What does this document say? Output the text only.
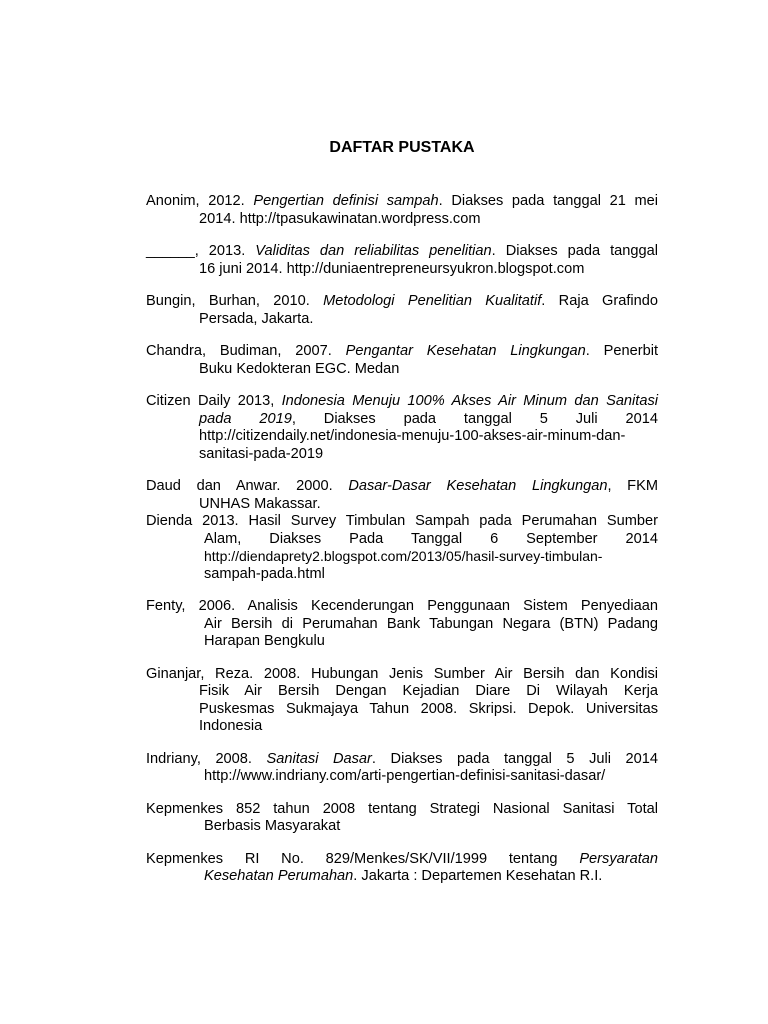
DAFTAR PUSTAKA
Anonim, 2012. Pengertian definisi sampah. Diakses pada tanggal 21 mei
2014. http://tpasukawinatan.wordpress.com
______, 2013. Validitas dan reliabilitas penelitian. Diakses pada tanggal
16 juni 2014. http://duniaentrepreneursyukron.blogspot.com
Bungin, Burhan, 2010. Metodologi Penelitian Kualitatif. Raja Grafindo
Persada, Jakarta.
Chandra, Budiman, 2007. Pengantar Kesehatan Lingkungan. Penerbit
Buku Kedokteran EGC. Medan
Citizen Daily 2013, Indonesia Menuju 100% Akses Air Minum dan Sanitasi
pada 2019, Diakses pada tanggal 5 Juli 2014
http://citizendaily.net/indonesia-menuju-100-akses-air-minum-dan-
sanitasi-pada-2019
Daud dan Anwar. 2000. Dasar-Dasar Kesehatan Lingkungan, FKM
UNHAS Makassar.
Dienda 2013. Hasil Survey Timbulan Sampah pada Perumahan Sumber
Alam, Diakses Pada Tanggal 6 September 2014
http://diendaprety2.blogspot.com/2013/05/hasil-survey-timbulan-
sampah-pada.html
Fenty, 2006. Analisis Kecenderungan Penggunaan Sistem Penyediaan
Air Bersih di Perumahan Bank Tabungan Negara (BTN) Padang
Harapan Bengkulu
Ginanjar, Reza. 2008. Hubungan Jenis Sumber Air Bersih dan Kondisi
Fisik Air Bersih Dengan Kejadian Diare Di Wilayah Kerja
Puskesmas Sukmajaya Tahun 2008. Skripsi. Depok. Universitas
Indonesia
Indriany, 2008. Sanitasi Dasar. Diakses pada tanggal 5 Juli 2014
http://www.indriany.com/arti-pengertian-definisi-sanitasi-dasar/
Kepmenkes 852 tahun 2008 tentang Strategi Nasional Sanitasi Total
Berbasis Masyarakat
Kepmenkes RI No. 829/Menkes/SK/VII/1999 tentang Persyaratan
Kesehatan Perumahan. Jakarta : Departemen Kesehatan R.I.
